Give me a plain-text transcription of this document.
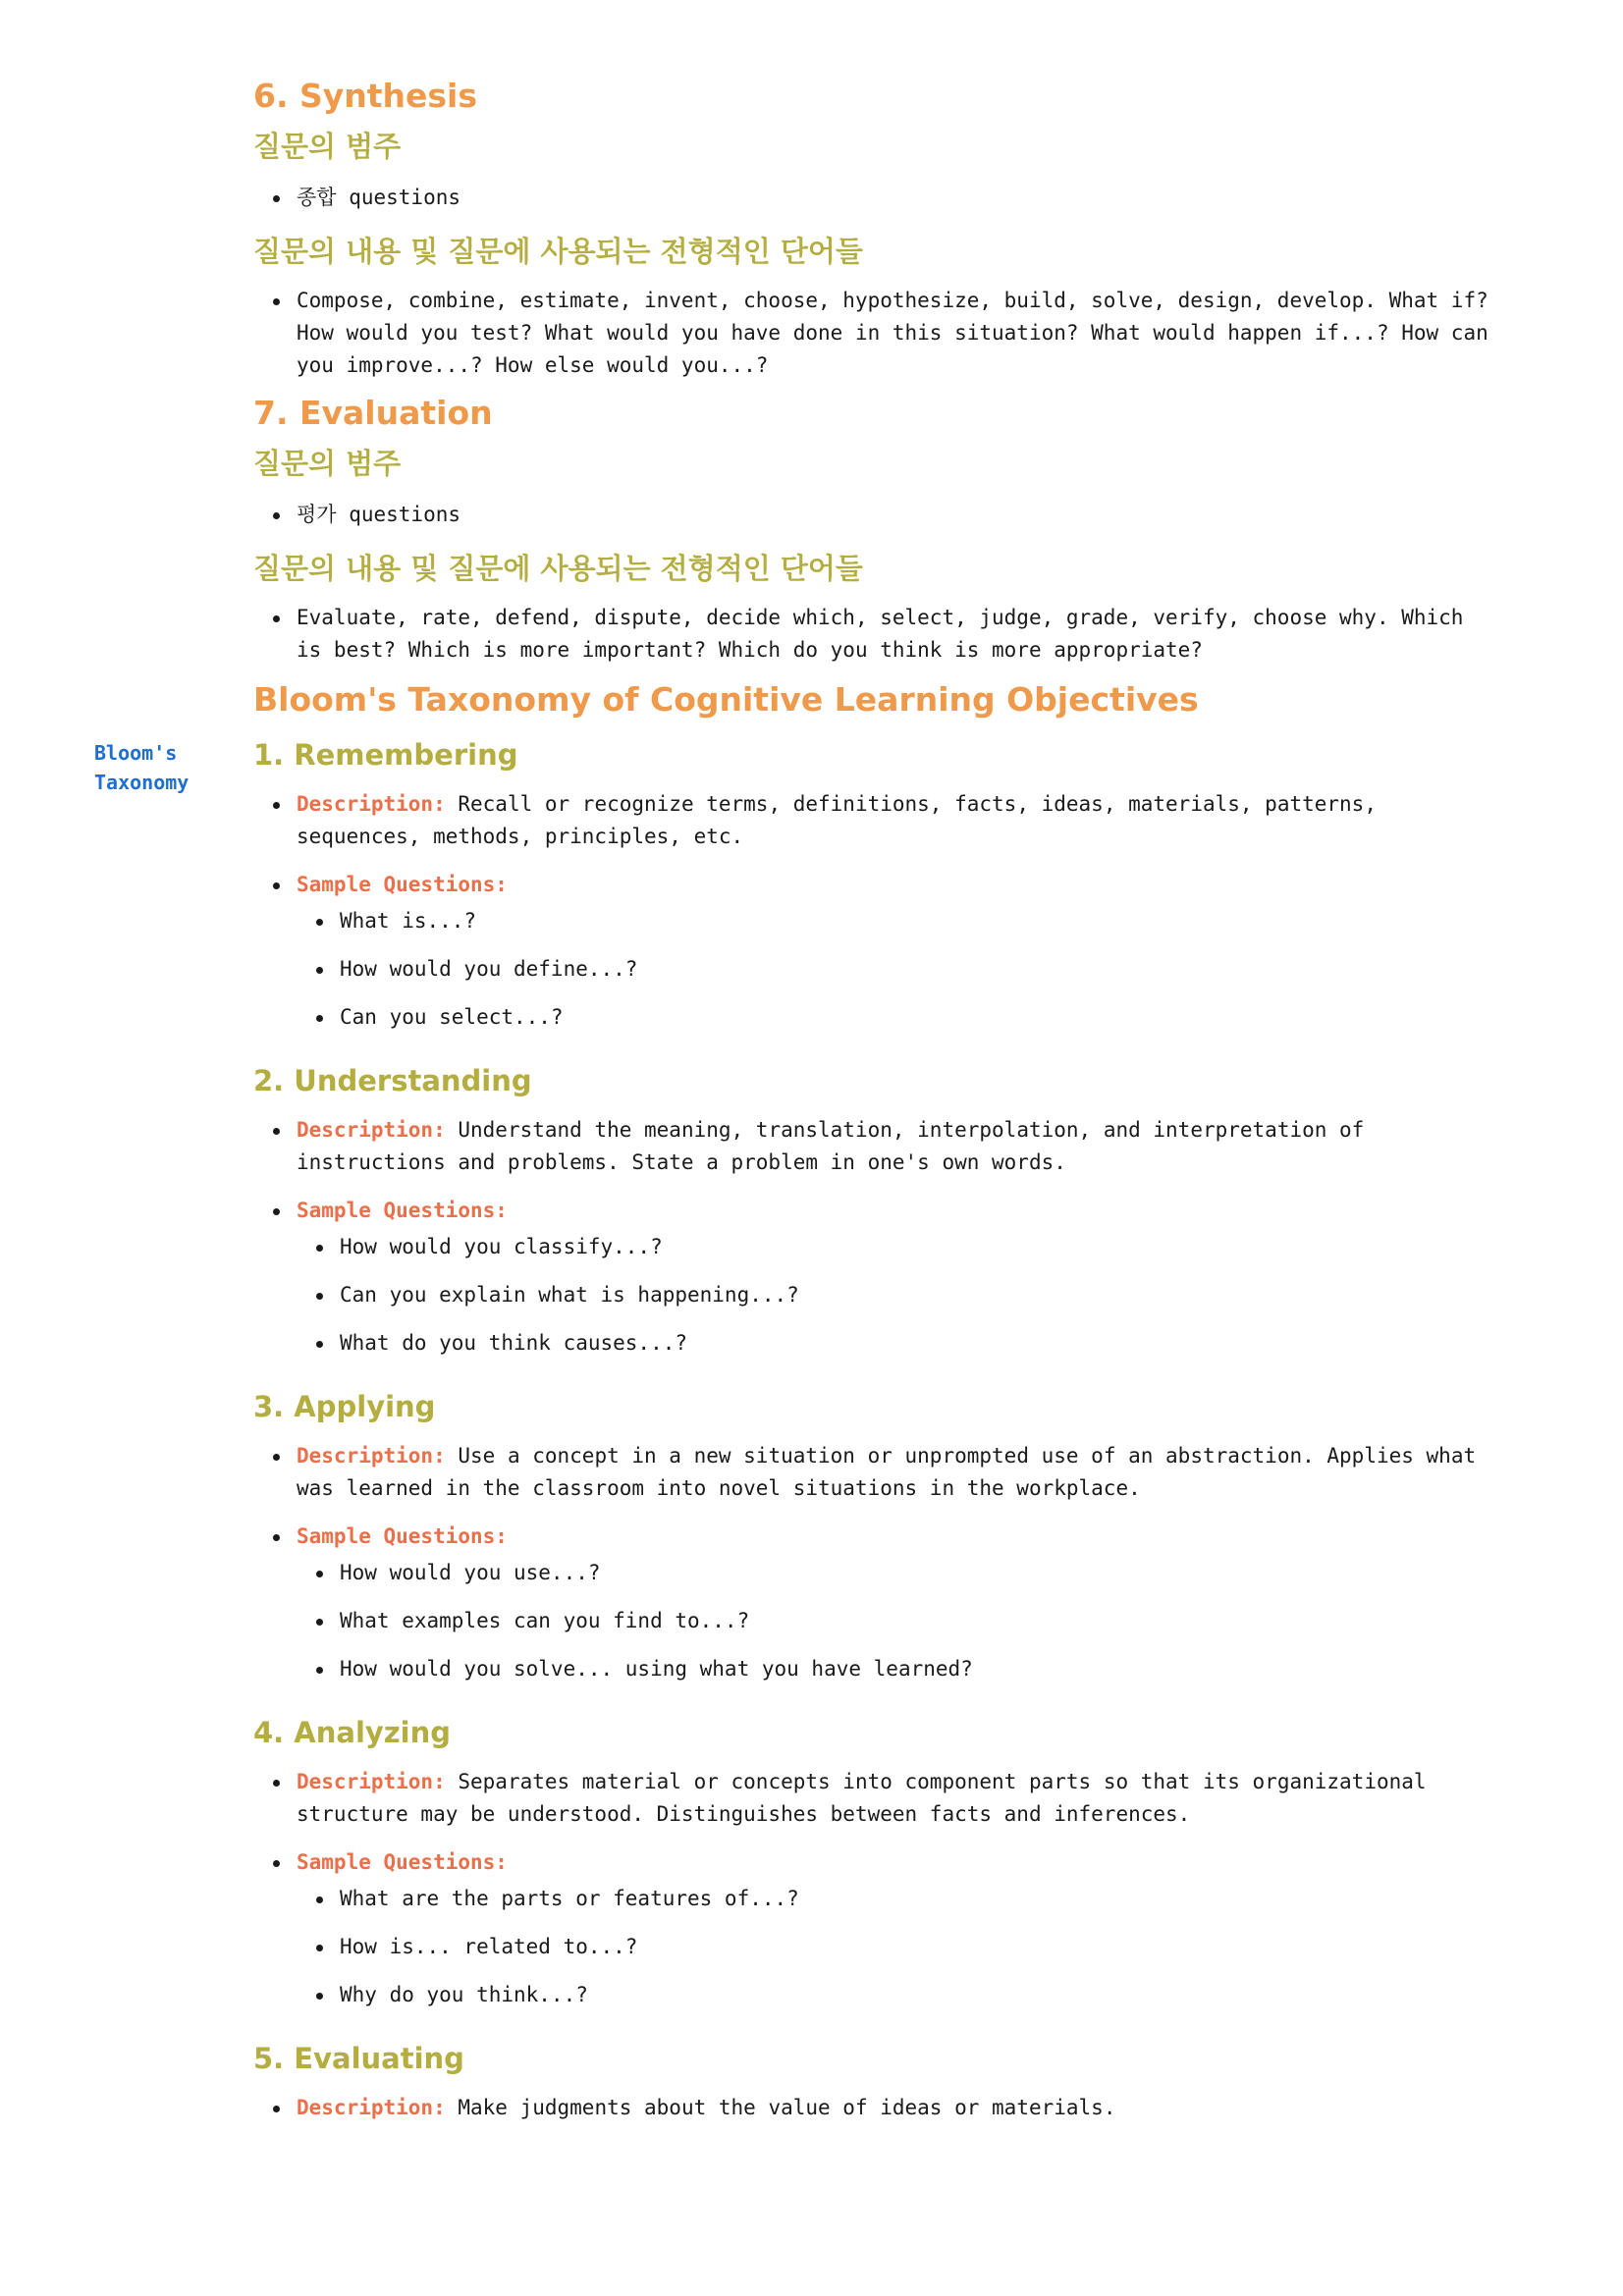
Bloom's
Taxonomy
6. Synthesis
질문의 범주
종합 questions
질문의 내용 및 질문에 사용되는 전형적인 단어들
Compose, combine, estimate, invent, choose, hypothesize, build, solve, design, develop. What if?
How would you test? What would you have done in this situation? What would happen if...? How can
you improve...? How else would you...?
7. Evaluation
질문의 범주
평가 questions
질문의 내용 및 질문에 사용되는 전형적인 단어들
Evaluate, rate, defend, dispute, decide which, select, judge, grade, verify, choose why. Which
is best? Which is more important? Which do you think is more appropriate?
Bloom's Taxonomy of Cognitive Learning Objectives
1. Remembering
Description: Recall or recognize terms, definitions, facts, ideas, materials, patterns,
sequences, methods, principles, etc.
Sample Questions:
What is...?
How would you define...?
Can you select...?
2. Understanding
Description: Understand the meaning, translation, interpolation, and interpretation of
instructions and problems. State a problem in one's own words.
Sample Questions:
How would you classify...?
Can you explain what is happening...?
What do you think causes...?
3. Applying
Description: Use a concept in a new situation or unprompted use of an abstraction. Applies what
was learned in the classroom into novel situations in the workplace.
Sample Questions:
How would you use...?
What examples can you find to...?
How would you solve... using what you have learned?
4. Analyzing
Description: Separates material or concepts into component parts so that its organizational
structure may be understood. Distinguishes between facts and inferences.
Sample Questions:
What are the parts or features of...?
How is... related to...?
Why do you think...?
5. Evaluating
Description: Make judgments about the value of ideas or materials.
